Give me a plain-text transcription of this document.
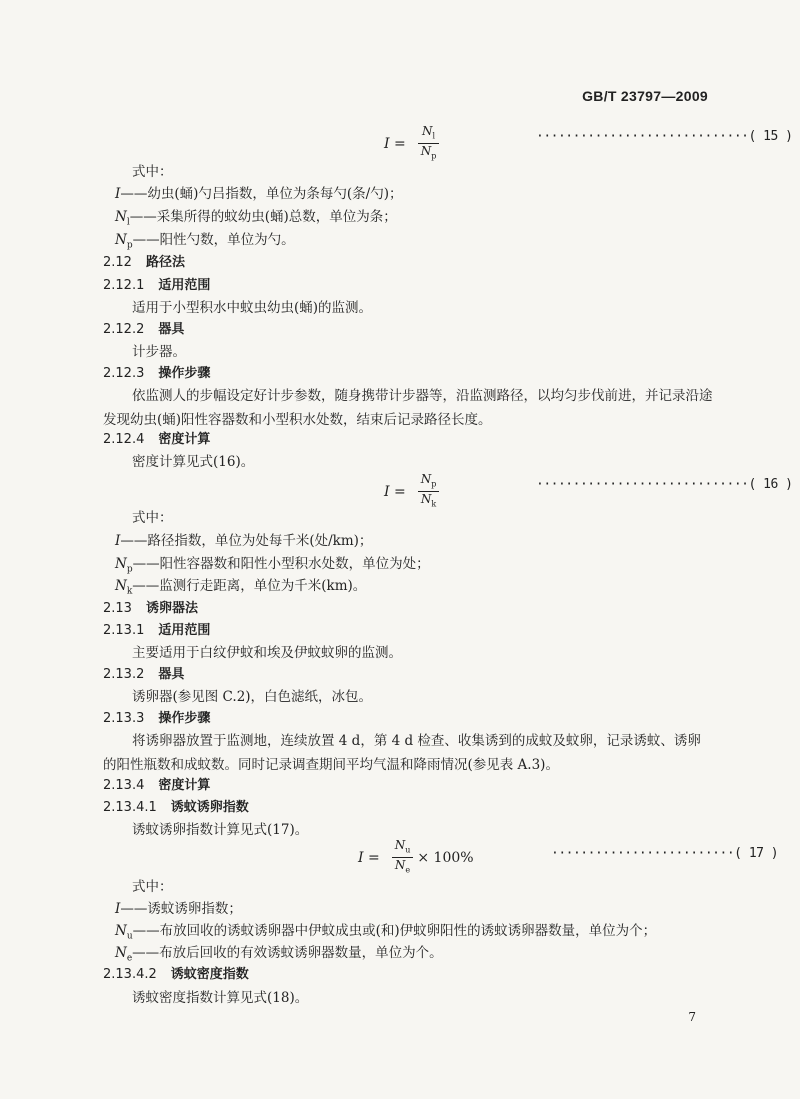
GB/T 23797—2009
$I = \frac{N_l}{N_p}$	·····························( 15 )
式中：
I——幼虫(蛹)勺吕指数，单位为条每勺(条/勺)；
$N_l——$采集所得的蚊幼虫(蛹)总数，单位为条；
$N_p——$阳性勺数，单位为勺。
2.12 路径法
2.12.1 适用范围
适用于小型积水中蚊虫幼虫(蛹)的监测。
2.12.2 器具
计步器。
2.12.3 操作步骤
依监测人的步幅设定好计步参数，随身携带计步器等，沿监测路径，以均匀步伐前进，并记录沿途发现幼虫(蛹)阳性容器数和小型积水处数，结束后记录路径长度。
2.12.4 密度计算
密度计算见式(16)。
$I = \frac{N_p}{N_k}$	·····························( 16 )
式中：
I——路径指数，单位为处每千米(处/km)；
$N_p——$阳性容器数和阳性小型积水处数，单位为处；
$N_k——$监测行走距离，单位为千米(km)。
2.13 诱卵器法
2.13.1 适用范围
主要适用于白纹伊蚊和埃及伊蚊蚊卵的监测。
2.13.2 器具
诱卵器(参见图 C.2)，白色滤纸，冰包。
2.13.3 操作步骤
将诱卵器放置于监测地，连续放置 4 d，第 4 d 检查、收集诱到的成蚊及蚊卵，记录诱蚊、诱卵的阳性瓶数和成蚊数。同时记录调查期间平均气温和降雨情况(参见表 A.3)。
2.13.4 密度计算
2.13.4.1 诱蚊诱卵指数
诱蚊诱卵指数计算见式(17)。
$I = \frac{N_u}{N_e} \times 100\%$	·························( 17 )
式中：
I——诱蚊诱卵指数；
$N_u——$布放回收的诱蚊诱卵器中伊蚊成虫或(和)伊蚊卵阳性的诱蚊诱卵器数量，单位为个；
$N_e——$布放后回收的有效诱蚊诱卵器数量，单位为个。
2.13.4.2 诱蚊密度指数
诱蚊密度指数计算见式(18)。
7
